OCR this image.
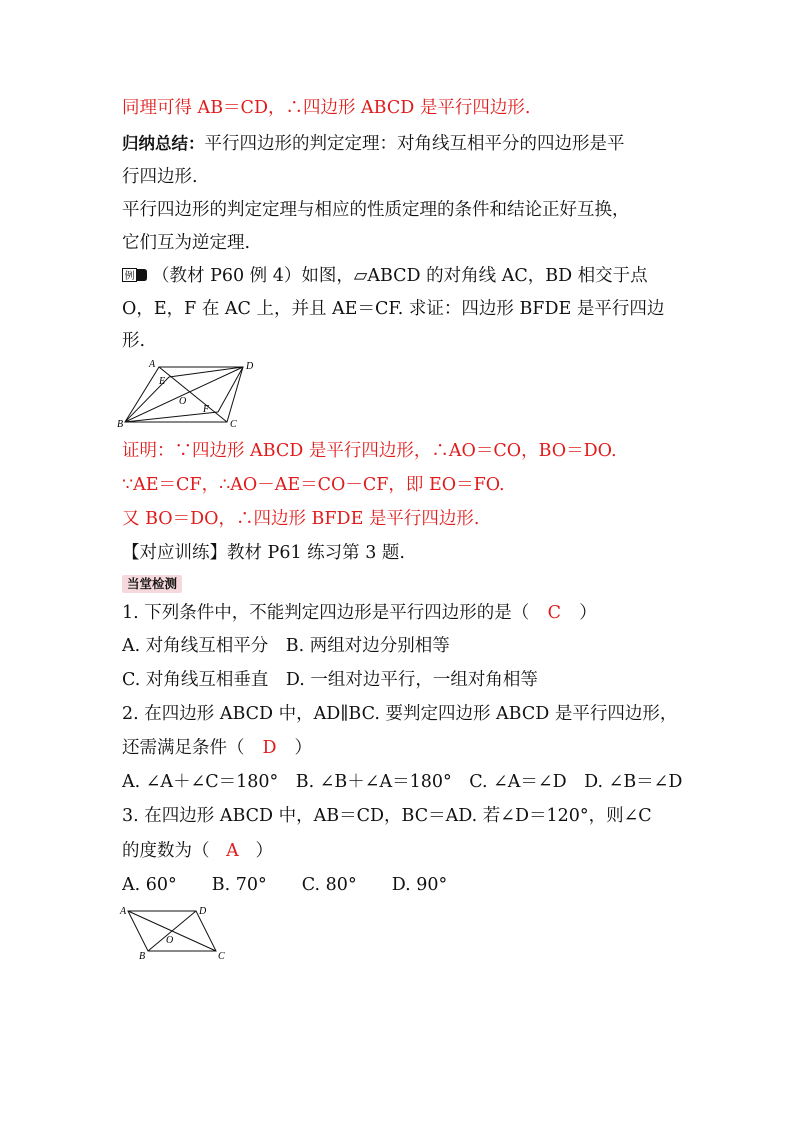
同理可得 AB＝CD，∴四边形 ABCD 是平行四边形.
归纳总结：平行四边形的判定定理：对角线互相平分的四边形是平
行四边形.
平行四边形的判定定理与相应的性质定理的条件和结论正好互换，
它们互为逆定理.
例 （教材 P60 例 4）如图，▱ABCD 的对角线 AC，BD 相交于点
O，E，F 在 AC 上，并且 AE＝CF. 求证：四边形 BFDE 是平行四边
形.
A	D
E
O
F
B	C
证明：∵四边形 ABCD 是平行四边形，∴AO＝CO，BO＝DO.
∵AE＝CF，∴AO－AE＝CO－CF，即 EO＝FO.
又 BO＝DO，∴四边形 BFDE 是平行四边形.
【对应训练】教材 P61 练习第 3 题.
当堂检测
1. 下列条件中，不能判定四边形是平行四边形的是（ C ）
A. 对角线互相平分　B. 两组对边分别相等
C. 对角线互相垂直　D. 一组对边平行，一组对角相等
2. 在四边形 ABCD 中，AD∥BC. 要判定四边形 ABCD 是平行四边形，
还需满足条件（ D ）
A. ∠A＋∠C＝180°　B. ∠B＋∠A＝180°　C. ∠A＝∠D　D. ∠B＝∠D
3. 在四边形 ABCD 中，AB＝CD，BC＝AD. 若∠D＝120°，则∠C
的度数为（ A ）
A. 60°　　B. 70°　　C. 80°　　D. 90°
A	D
O
B	C
